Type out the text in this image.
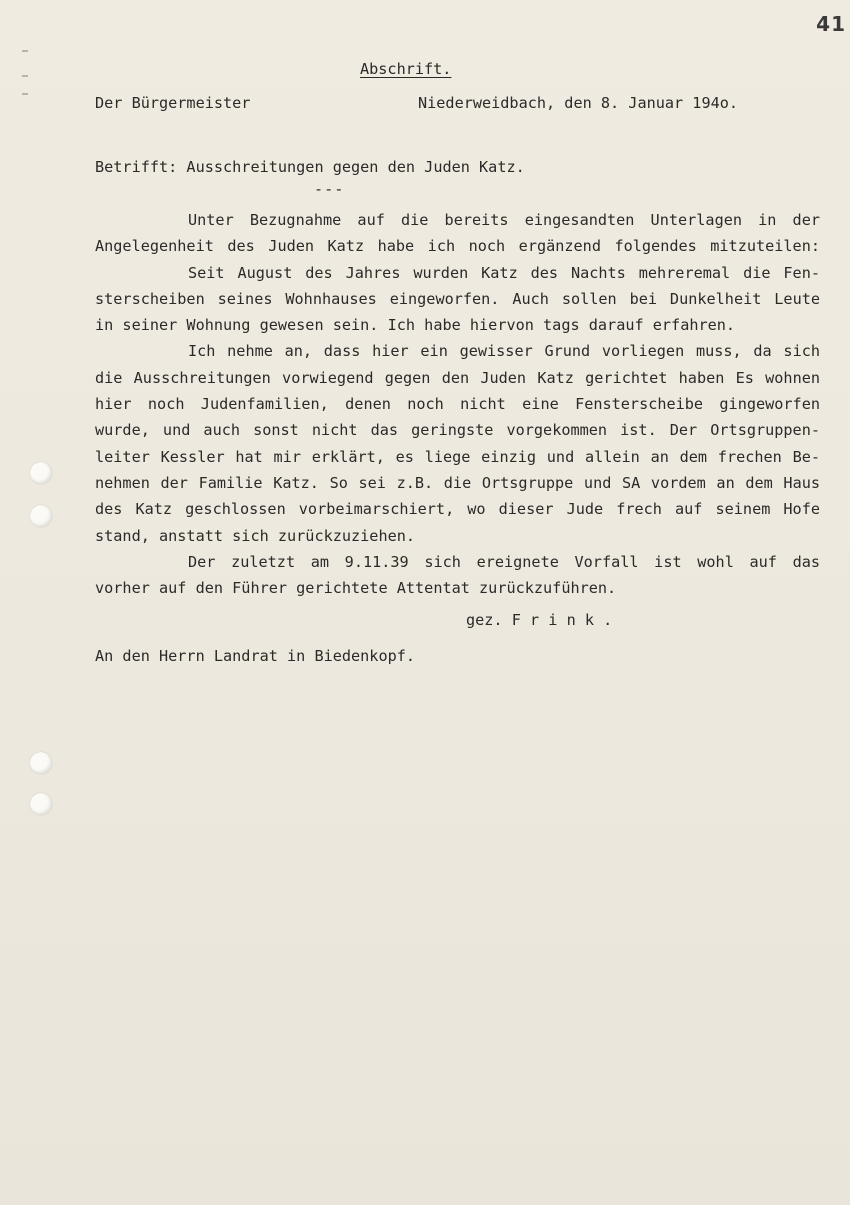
41
Abschrift.
Der Bürgermeister	Niederweidbach, den 8. Januar 194o.
Betrifft: Ausschreitungen gegen den Juden Katz.
---
Unter Bezugnahme auf die bereits eingesandten Unterlagen in der
Angelegenheit des Juden Katz habe ich noch ergänzend folgendes mitzuteilen:
Seit August des Jahres wurden Katz des Nachts mehreremal die Fen-
sterscheiben seines Wohnhauses eingeworfen. Auch sollen bei Dunkelheit Leute
in seiner Wohnung gewesen sein. Ich habe hiervon tags darauf erfahren.
Ich nehme an, dass hier ein gewisser Grund vorliegen muss, da sich
die Ausschreitungen vorwiegend gegen den Juden Katz gerichtet haben Es wohnen
hier noch Judenfamilien, denen noch nicht eine Fensterscheibe gingeworfen
wurde, und auch sonst nicht das geringste vorgekommen ist. Der Ortsgruppen-
leiter Kessler hat mir erklärt, es liege einzig und allein an dem frechen Be-
nehmen der Familie Katz. So sei z.B. die Ortsgruppe und SA vordem an dem Haus
des Katz geschlossen vorbeimarschiert, wo dieser Jude frech auf seinem Hofe
stand, anstatt sich zurückzuziehen.
Der zuletzt am 9.11.39 sich ereignete Vorfall ist wohl auf das
vorher auf den Führer gerichtete Attentat zurückzuführen.
gez. F r i n k .
An den Herrn Landrat in Biedenkopf.
